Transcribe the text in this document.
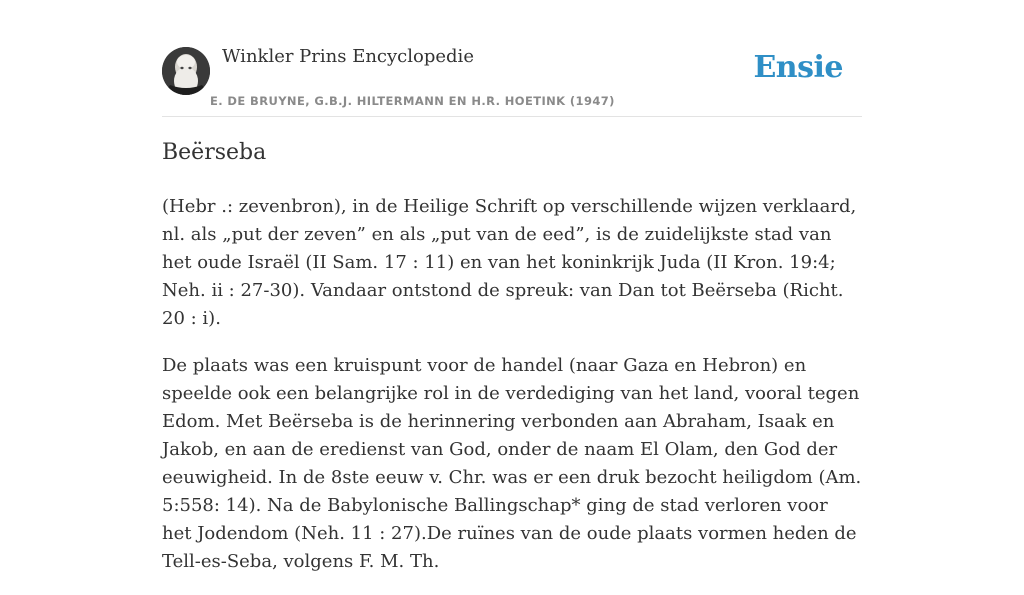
Winkler Prins Encyclopedie
E. DE BRUYNE, G.B.J. HILTERMANN EN H.R. HOETINK (1947)
Ensie
Beërseba

(Hebr .: zevenbron), in de Heilige Schrift op verschillende wijzen verklaard, nl. als „put der zeven” en als „put van de eed”, is de zuidelijkste stad van het oude Israël (II Sam. 17 : 11) en van het koninkrijk Juda (II Kron. 19:4; Neh. ii : 27-30). Vandaar ontstond de spreuk: van Dan tot Beërseba (Richt. 20 : i).

De plaats was een kruispunt voor de handel (naar Gaza en Hebron) en speelde ook een belangrijke rol in de verdediging van het land, vooral tegen Edom. Met Beërseba is de herinnering verbonden aan Abraham, Isaak en Jakob, en aan de eredienst van God, onder de naam El Olam, den God der eeuwigheid. In de 8ste eeuw v. Chr. was er een druk bezocht heiligdom (Am. 5:558: 14). Na de Babylonische Ballingschap* ging de stad verloren voor het Jodendom (Neh. 11 : 27).De ruïnes van de oude plaats vormen heden de Tell-es-Seba, volgens F. M. Th.
